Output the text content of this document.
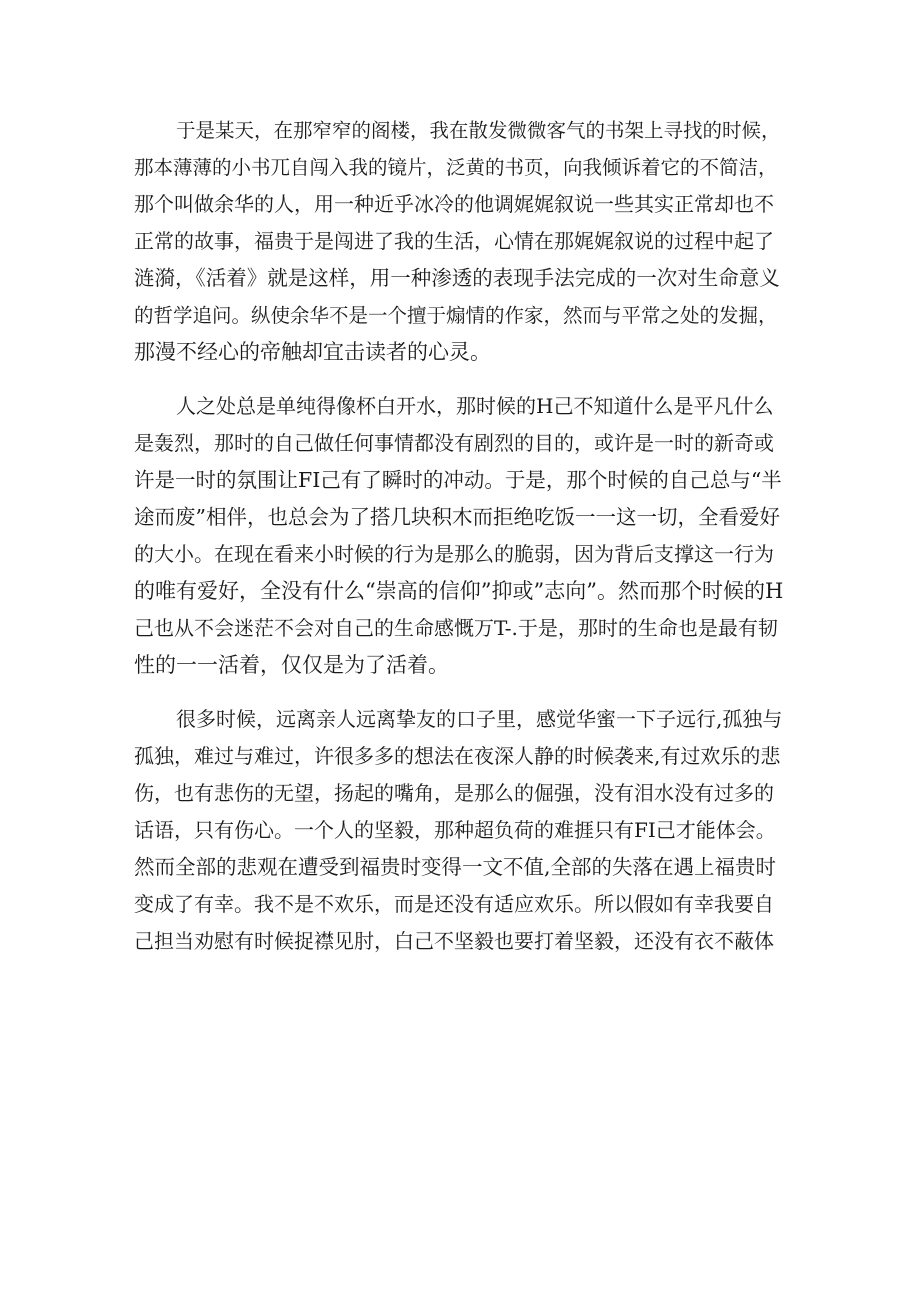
于是某天，在那窄窄的阁楼，我在散发微微客气的书架上寻找的时候，
那本薄薄的小书兀自闯入我的镜片，泛黄的书页，向我倾诉着它的不简洁，
那个叫做余华的人，用一种近乎冰冷的他调娓娓叙说一些其实正常却也不
正常的故事，福贵于是闯进了我的生活，心情在那娓娓叙说的过程中起了
涟漪，《活着》就是这样，用一种渗透的表现手法完成的一次对生命意义
的哲学追问。纵使余华不是一个擅于煽情的作家，然而与平常之处的发掘，
那漫不经心的帝触却宜击读者的心灵。
人之处总是单纯得像杯白开水，那时候的H己不知道什么是平凡什么
是轰烈，那时的自己做任何事情都没有剧烈的目的，或许是一时的新奇或
许是一时的氛围让FI己有了瞬时的冲动。于是，那个时候的自己总与“半
途而废”相伴，也总会为了搭几块积木而拒绝吃饭一一这一切，全看爱好
的大小。在现在看来小时候的行为是那么的脆弱，因为背后支撑这一行为
的唯有爱好，全没有什么“崇高的信仰”抑或”志向”。然而那个时候的H
己也从不会迷茫不会对自己的生命感慨万T-.于是，那时的生命也是最有韧
性的一一活着，仅仅是为了活着。
很多时候，远离亲人远离挚友的口子里，感觉华蜜一下子远行,孤独与
孤独，难过与难过，许很多多的想法在夜深人静的时候袭来,有过欢乐的悲
伤，也有悲伤的无望，扬起的嘴角，是那么的倔强，没有泪水没有过多的
话语，只有伤心。一个人的坚毅，那种超负荷的难捱只有FI己才能体会。
然而全部的悲观在遭受到福贵时变得一文不值,全部的失落在遇上福贵时
变成了有幸。我不是不欢乐，而是还没有适应欢乐。所以假如有幸我要自
己担当劝慰有时候捉襟见肘，白己不坚毅也要打着坚毅，还没有衣不蔽体
